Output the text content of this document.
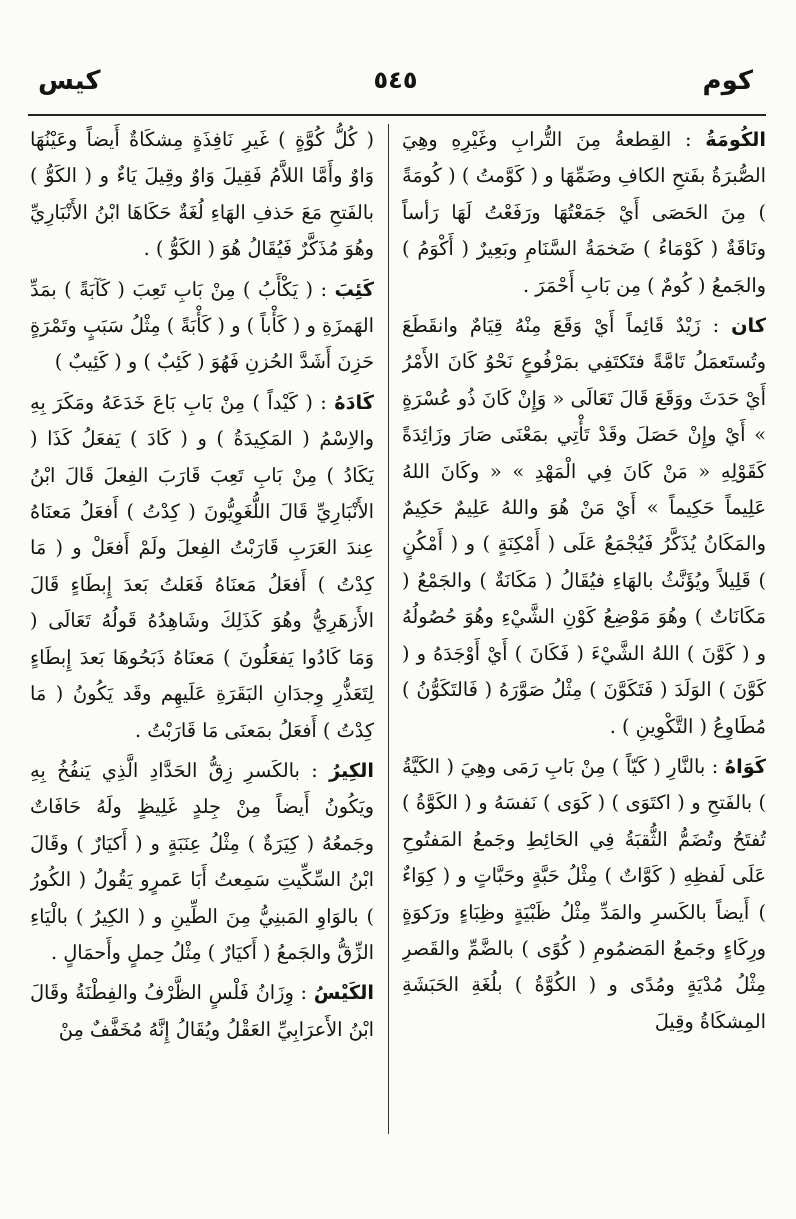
كوم
٥٤٥
كيس

الكُومَةُ : القِطعةُ مِنَ التُّرابِ وغَيْرِهِ وهِيَ الصُّبرَةُ بفَتحِ الكافِ وضَمِّهَا و ( كَوَّمتُ ) ( كُومَةً ) مِنَ الحَصَى أَيْ جَمَعْتُهَا ورَفَعْتُ لَهَا رَأساً ونَاقَةٌ ( كَوْمَاءُ ) ضَخمَةُ السَّنَامِ وبَعِيرٌ ( أَكْوَمُ ) والجَمعُ ( كُومٌ ) مِن بَابِ أَحْمَرَ .

كان : زَيْدٌ قَائِماً أَيْ وَقَعَ مِنْهُ قِيَامٌ وانقَطَعَ وتُستَعمَلُ تَامَّةً فتَكتَفِي بمَرْفُوعٍ نَحْوُ كَانَ الأَمْرُ أَيْ حَدَثَ ووَقَعَ قَالَ تَعَالَى « وَإِنْ كَانَ ذُو عُسْرَةٍ » أَيْ وإِنْ حَصَلَ وقَدْ تَأْتِي بمَعْنَى صَارَ وزَائِدَةً كَقَوْلِهِ « مَنْ كَانَ فِي الْمَهْدِ » « وكَانَ اللهُ عَلِيماً حَكِيماً » أَيْ مَنْ هُوَ واللهُ عَلِيمٌ حَكِيمٌ والمَكَانُ يُذَكَّرُ فَيُجْمَعُ عَلَى ( أَمْكِنَةٍ ) و ( أَمْكُنٍ ) قَلِيلاً ويُؤَنَّثُ بالهَاءِ فيُقَالُ ( مَكَانَةٌ ) والجَمْعُ ( مَكَانَاتٌ ) وهُوَ مَوْضِعُ كَوْنِ الشَّيْءِ وهُوَ حُصُولُهُ و ( كَوَّنَ ) اللهُ الشَّيْءَ ( فَكَانَ ) أَيْ أَوْجَدَهُ و ( كَوَّنَ ) الوَلَدَ ( فَتَكَوَّنَ ) مِثْلُ صَوَّرَهُ ( فَالتَكَوُّنُ ) مُطَاوِعُ ( التَّكْوِينِ ) .

كَوَاهُ : بالنَّارِ ( كَيّاً ) مِنْ بَابِ رَمَى وهِيَ ( الكَيَّةُ ) بالفَتحِ و ( اكتَوَى ) ( كَوَى ) نَفسَهُ و ( الكَوَّةُ ) تُفتَحُ وتُضَمُّ الثُّقبَةُ فِي الحَائِطِ وجَمعُ المَفتُوحِ عَلَى لَفظِهِ ( كَوَّاتٌ ) مِثْلُ حَبَّةٍ وحَبَّاتٍ و ( كِوَاءٌ ) أَيضاً بالكَسرِ والمَدِّ مِثْلُ ظَبْيَةٍ وظِبَاءٍ ورَكوَةٍ ورِكَاءٍ وجَمعُ المَضمُومِ ( كُوًى ) بالضَّمِّ والقَصرِ مِثْلُ مُدْيَةٍ ومُدًى و ( الكُوَّةُ ) بلُغَةِ الحَبَشَةِ المِشكَاةُ وقِيلَ

( كُلُّ كُوَّةٍ ) غَيرِ نَافِذَةٍ مِشكَاةٌ أَيضاً وعَيْنُهَا وَاوٌ وأَمَّا اللاَّمُ فَقِيلَ وَاوٌ وقِيلَ يَاءٌ و ( الكَوُّ ) بالفَتحِ مَعَ حَذفِ الهَاءِ لُغَةٌ حَكَاهَا ابْنُ الأَنْبَارِيِّ وهُوَ مُذَكَّرٌ فَيُقَالُ هُوَ ( الكَوُّ ) .

كَئِبَ : ( يَكْأَبُ ) مِنْ بَابِ تَعِبَ ( كَآبَةً ) بمَدِّ الهَمزَةِ و ( كَأْباً ) و ( كَأْبَةً ) مِثْلُ سَبَبٍ وتَمْرَةٍ حَزِنَ أَشَدَّ الحُزنِ فَهُوَ ( كَئِبٌ ) و ( كَئِيبٌ )

كَادَهُ : ( كَيْداً ) مِنْ بَابِ بَاعَ خَدَعَهُ ومَكَرَ بِهِ والاِسْمُ ( المَكِيدَةُ ) و ( كَادَ ) يَفعَلُ كَذَا ( يَكَادُ ) مِنْ بَابِ تَعِبَ قَارَبَ الفِعلَ قَالَ ابْنُ الأَنْبَارِيِّ قَالَ اللُّغَوِيُّونَ ( كِدْتُ ) أَفعَلُ مَعنَاهُ عِندَ العَرَبِ قَارَبْتُ الفِعلَ ولَمْ أَفعَلْ و ( مَا كِدْتُ ) أَفعَلُ مَعنَاهُ فَعَلتُ بَعدَ إِبطَاءٍ قَالَ الأَزهَرِيُّ وهُوَ كَذَلِكَ وشَاهِدُهُ قَولُهُ تَعَالَى ( وَمَا كَادُوا يَفعَلُونَ ) مَعنَاهُ ذَبَحُوهَا بَعدَ إِبطَاءٍ لِتَعَذُّرِ وِجدَانِ البَقَرَةِ عَلَيهِم وقَد يَكُونُ ( مَا كِدْتُ ) أَفعَلُ بمَعنَى مَا قَارَبْتُ .

الكِيرُ : بالكَسرِ زِقُّ الحَدَّادِ الَّذِي يَنفُخُ بِهِ ويَكُونُ أَيضاً مِنْ جِلدٍ غَلِيظٍ ولَهُ حَافَاتٌ وجَمعُهُ ( كِيَرَةٌ ) مِثْلُ عِنَبَةٍ و ( أَكيَارٌ ) وقَالَ ابْنُ السِّكِّيتِ سَمِعتُ أَبَا عَمرٍو يَقُولُ ( الكُورُ ) بالوَاوِ المَبنِيُّ مِنَ الطِّينِ و ( الكِيرُ ) بالْيَاءِ الزِّقُّ والجَمعُ ( أَكيَارٌ ) مِثْلُ حِملٍ وأَحمَالٍ .

الكَيْسُ : وِزَانُ فَلْسٍ الظَّرْفُ والفِطْنَةُ وقَالَ ابْنُ الأَعرَابِيِّ العَقْلُ ويُقَالُ إِنَّهُ مُخَفَّفٌ مِنْ
